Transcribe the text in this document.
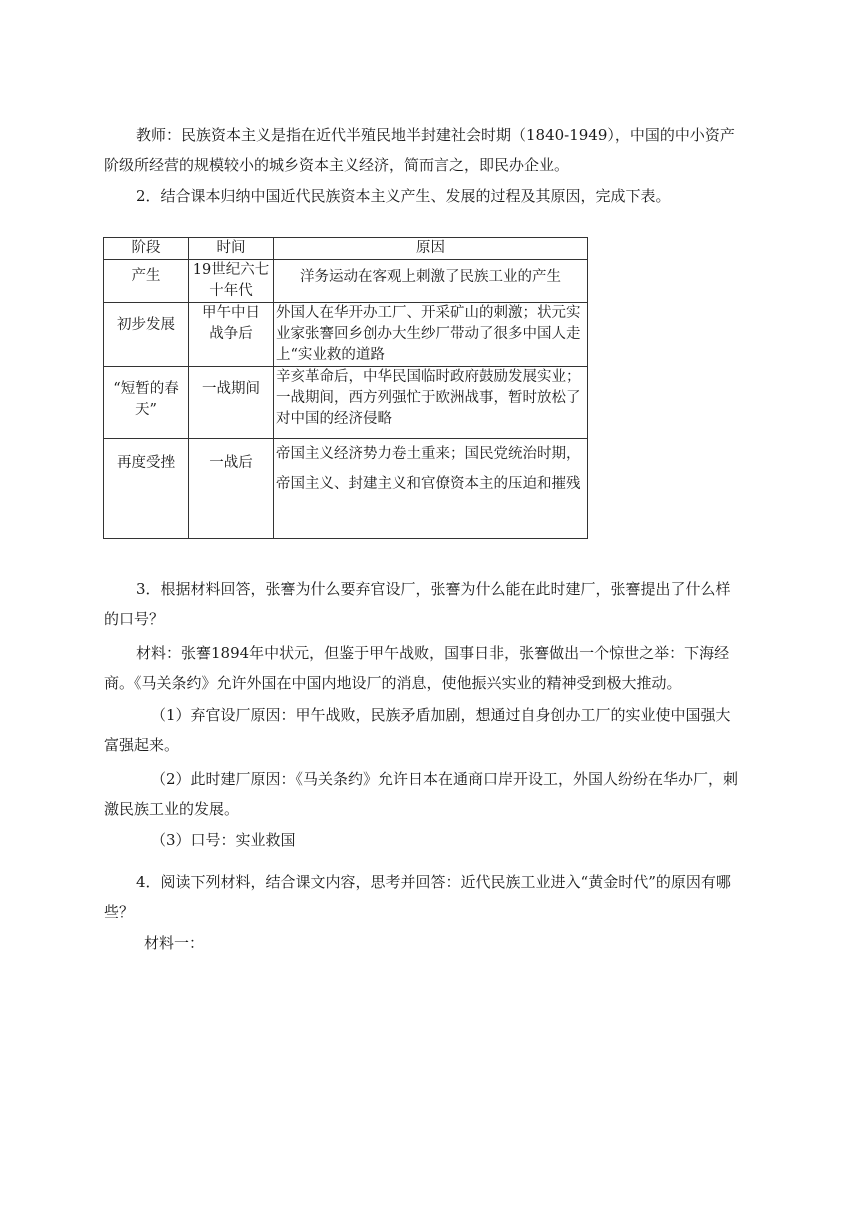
教师：民族资本主义是指在近代半殖民地半封建社会时期（1840-1949），中国的中小资产阶级所经营的规模较小的城乡资本主义经济，简而言之，即民办企业。

2．结合课本归纳中国近代民族资本主义产生、发展的过程及其原因，完成下表。

阶段	时间	原因
产生	19世纪六七十年代	洋务运动在客观上刺激了民族工业的产生
初步发展	甲午中日战争后	外国人在华开办工厂、开采矿山的刺激；状元实业家张謇回乡创办大生纱厂带动了很多中国人走上“实业救的道路
“短暂的春天”	一战期间	辛亥革命后，中华民国临时政府鼓励发展实业；一战期间，西方列强忙于欧洲战事，暂时放松了对中国的经济侵略
再度受挫	一战后	帝国主义经济势力卷土重来；国民党统治时期，帝国主义、封建主义和官僚资本主的压迫和摧残

3．根据材料回答，张謇为什么要弃官设厂，张謇为什么能在此时建厂，张謇提出了什么样的口号？

材料：张謇1894年中状元，但鉴于甲午战败，国事日非，张謇做出一个惊世之举：下海经商。《马关条约》允许外国在中国内地设厂的消息，使他振兴实业的精神受到极大推动。

（1）弃官设厂原因：甲午战败，民族矛盾加剧，想通过自身创办工厂的实业使中国强大富强起来。

（2）此时建厂原因：《马关条约》允许日本在通商口岸开设工，外国人纷纷在华办厂，刺激民族工业的发展。

（3）口号：实业救国

4．阅读下列材料，结合课文内容，思考并回答：近代民族工业进入“黄金时代”的原因有哪些？

材料一：
